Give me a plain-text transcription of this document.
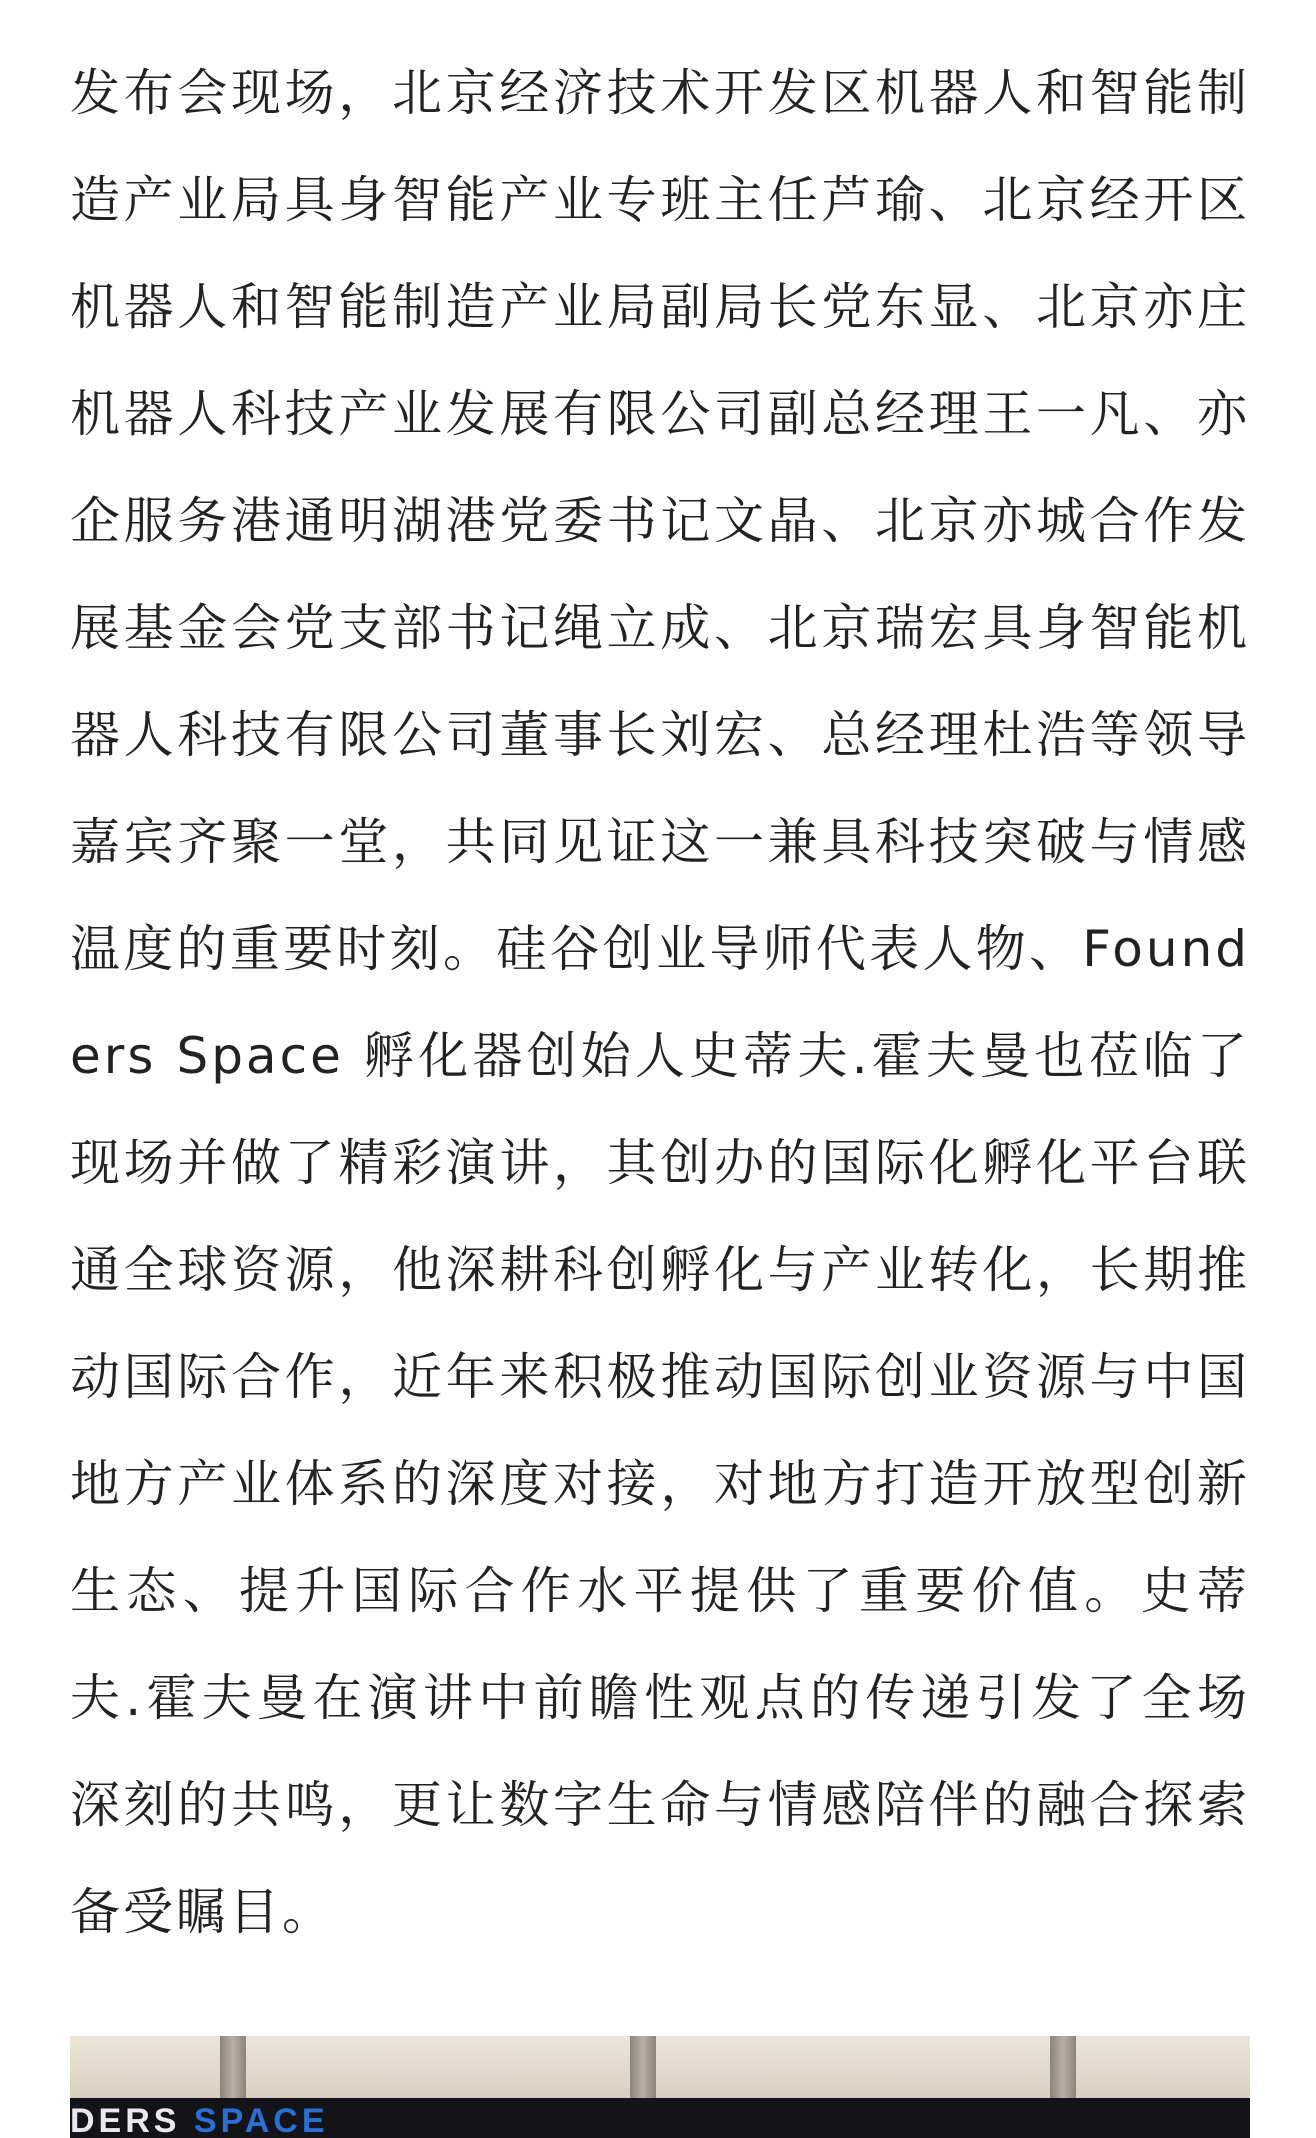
发布会现场，北京经济技术开发区机器人和智能制造产业局具身智能产业专班主任芦瑜、北京经开区机器人和智能制造产业局副局长党东显、北京亦庄机器人科技产业发展有限公司副总经理王一凡、亦企服务港通明湖港党委书记文晶、北京亦城合作发展基金会党支部书记绳立成、北京瑞宏具身智能机器人科技有限公司董事长刘宏、总经理杜浩等领导嘉宾齐聚一堂，共同见证这一兼具科技突破与情感温度的重要时刻。硅谷创业导师代表人物、Founders Space 孵化器创始人史蒂夫.霍夫曼也莅临了现场并做了精彩演讲，其创办的国际化孵化平台联通全球资源，他深耕科创孵化与产业转化，长期推动国际合作，近年来积极推动国际创业资源与中国地方产业体系的深度对接，对地方打造开放型创新生态、提升国际合作水平提供了重要价值。史蒂夫.霍夫曼在演讲中前瞻性观点的传递引发了全场深刻的共鸣，更让数字生命与情感陪伴的融合探索备受瞩目。

DERS SPACE
